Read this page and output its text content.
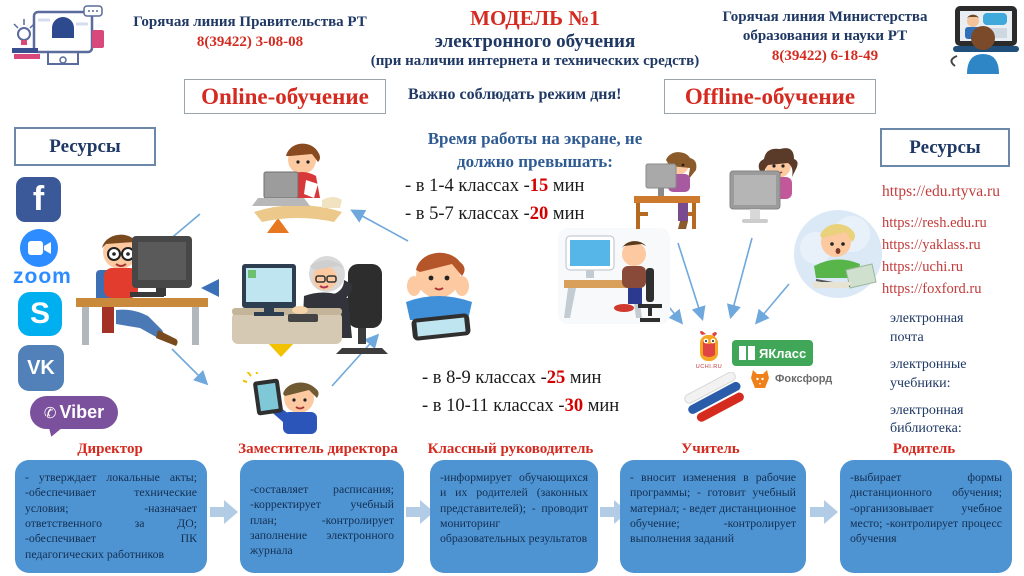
Горячая линия Правительства РТ
8(39422) 3-08-08
МОДЕЛЬ №1
электронного обучения
(при наличии интернета и технических средств)
Горячая линия Министерства образования и науки РТ
8(39422) 6-18-49
Online-обучение Важно соблюдать режим дня!	Offline-обучение
Ресурсы
f
zoom
S
VK
✆ Viber
Время работы на экране, не
должно превышать:
- в 1-4 классах -15 мин
- в 5-7 классах -20 мин
- в 8-9 классах -25 мин
- в 10-11 классах -30 мин
Ресурсы
https://edu.rtyva.ru
https://resh.edu.ru
https://yaklass.ru
https://uchi.ru
https://foxford.ru
электронная почта
электронные учебники:
электронная библиотека:
UCHI.RU
ЯКласс
Фоксфорд
Директор
- утверждает локальные акты; -обеспечивает технические условия; -назначает ответственного за ДО; -обеспечивает ПК педагогических работников
Заместитель директора
-составляет расписания; -корректирует учебный план; -контролирует заполнение электронного журнала
Классный руководитель
-информирует обучающихся и их родителей (законных представителей); - проводит мониторинг образовательных результатов
Учитель
- вносит изменения в рабочие программы; - готовит учебный материал; - ведет дистанционное обучение; -контролирует выполнения заданий
Родитель
-выбирает формы дистанционного обучения; -организовывает учебное место; -контролирует процесс обучения
